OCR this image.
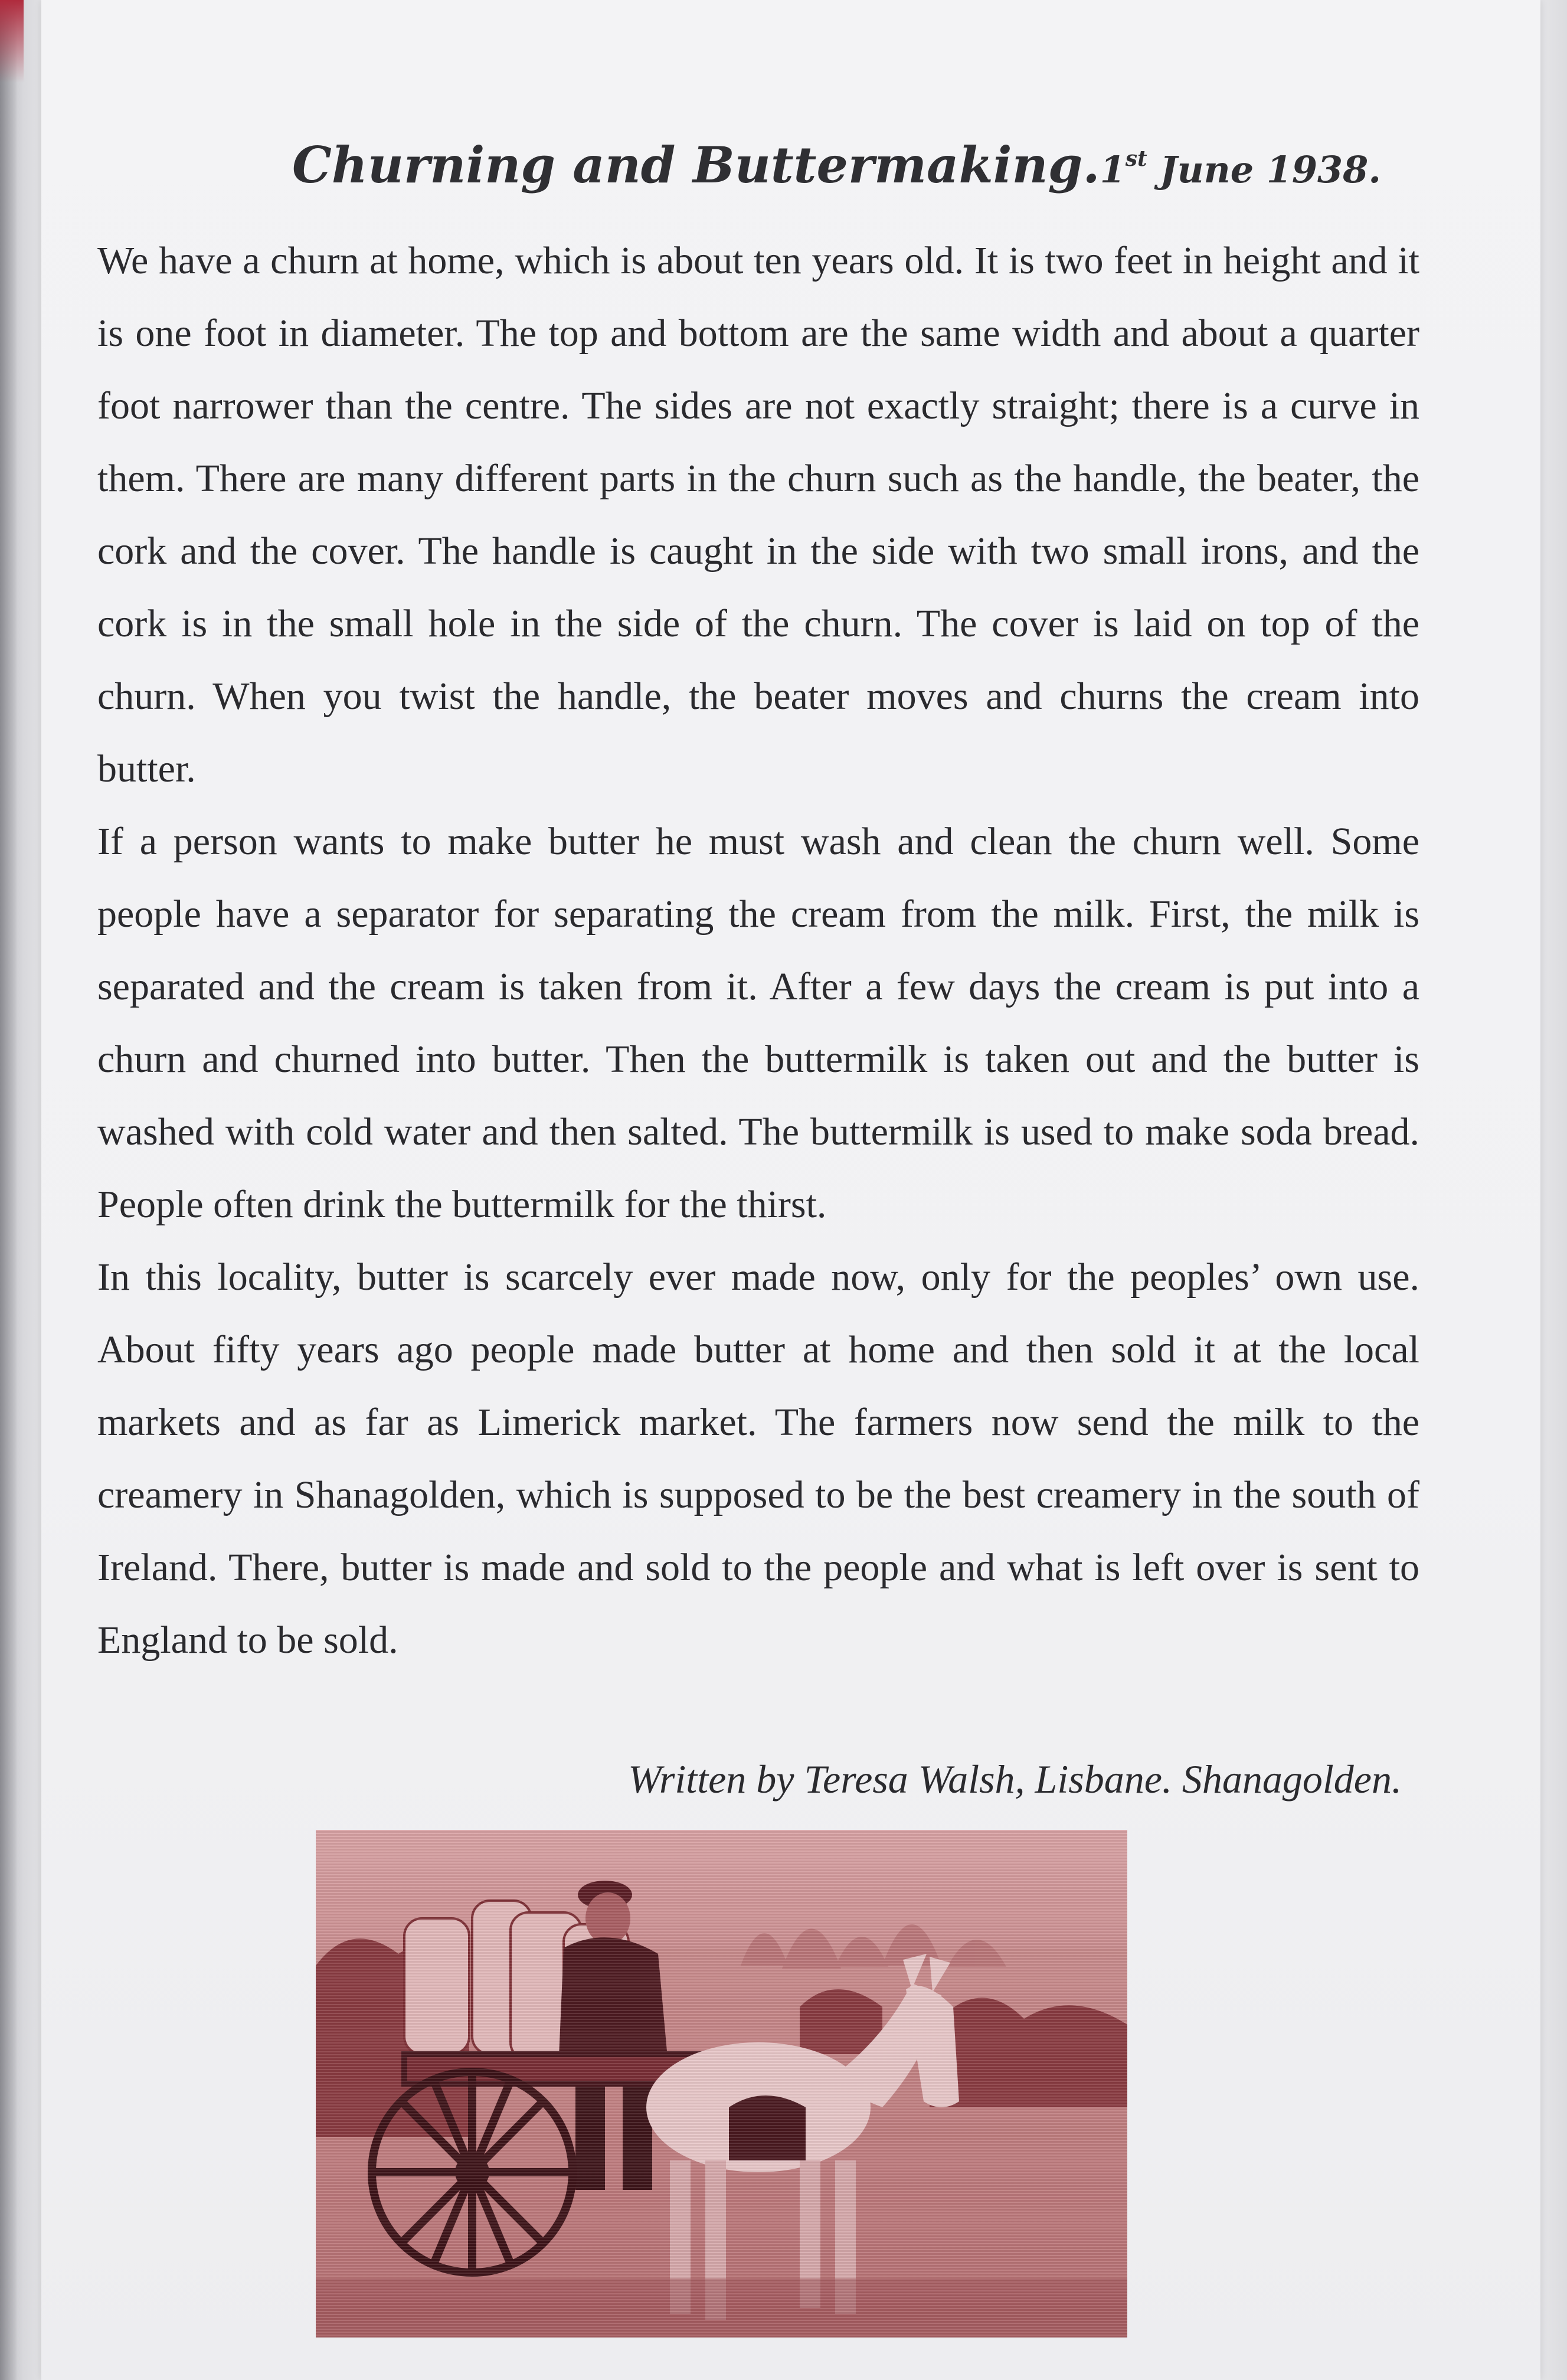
Churning and Buttermaking.1st June 1938.

We have a churn at home, which is about ten years old. It is two feet in height and it is one foot in diameter. The top and bottom are the same width and about a quarter foot narrower than the centre. The sides are not exactly straight; there is a curve in them. There are many different parts in the churn such as the handle, the beater, the cork and the cover. The handle is caught in the side with two small irons, and the cork is in the small hole in the side of the churn. The cover is laid on top of the churn. When you twist the handle, the beater moves and churns the cream into butter.

If a person wants to make butter he must wash and clean the churn well. Some people have a separator for separating the cream from the milk. First, the milk is separated and the cream is taken from it. After a few days the cream is put into a churn and churned into butter. Then the buttermilk is taken out and the butter is washed with cold water and then salted. The buttermilk is used to make soda bread. People often drink the buttermilk for the thirst.

In this locality, butter is scarcely ever made now, only for the peoples’ own use. About fifty years ago people made butter at home and then sold it at the local markets and as far as Limerick market. The farmers now send the milk to the creamery in Shanagolden, which is supposed to be the best creamery in the south of Ireland. There, butter is made and sold to the people and what is left over is sent to England to be sold.

Written by Teresa Walsh, Lisbane. Shanagolden.
